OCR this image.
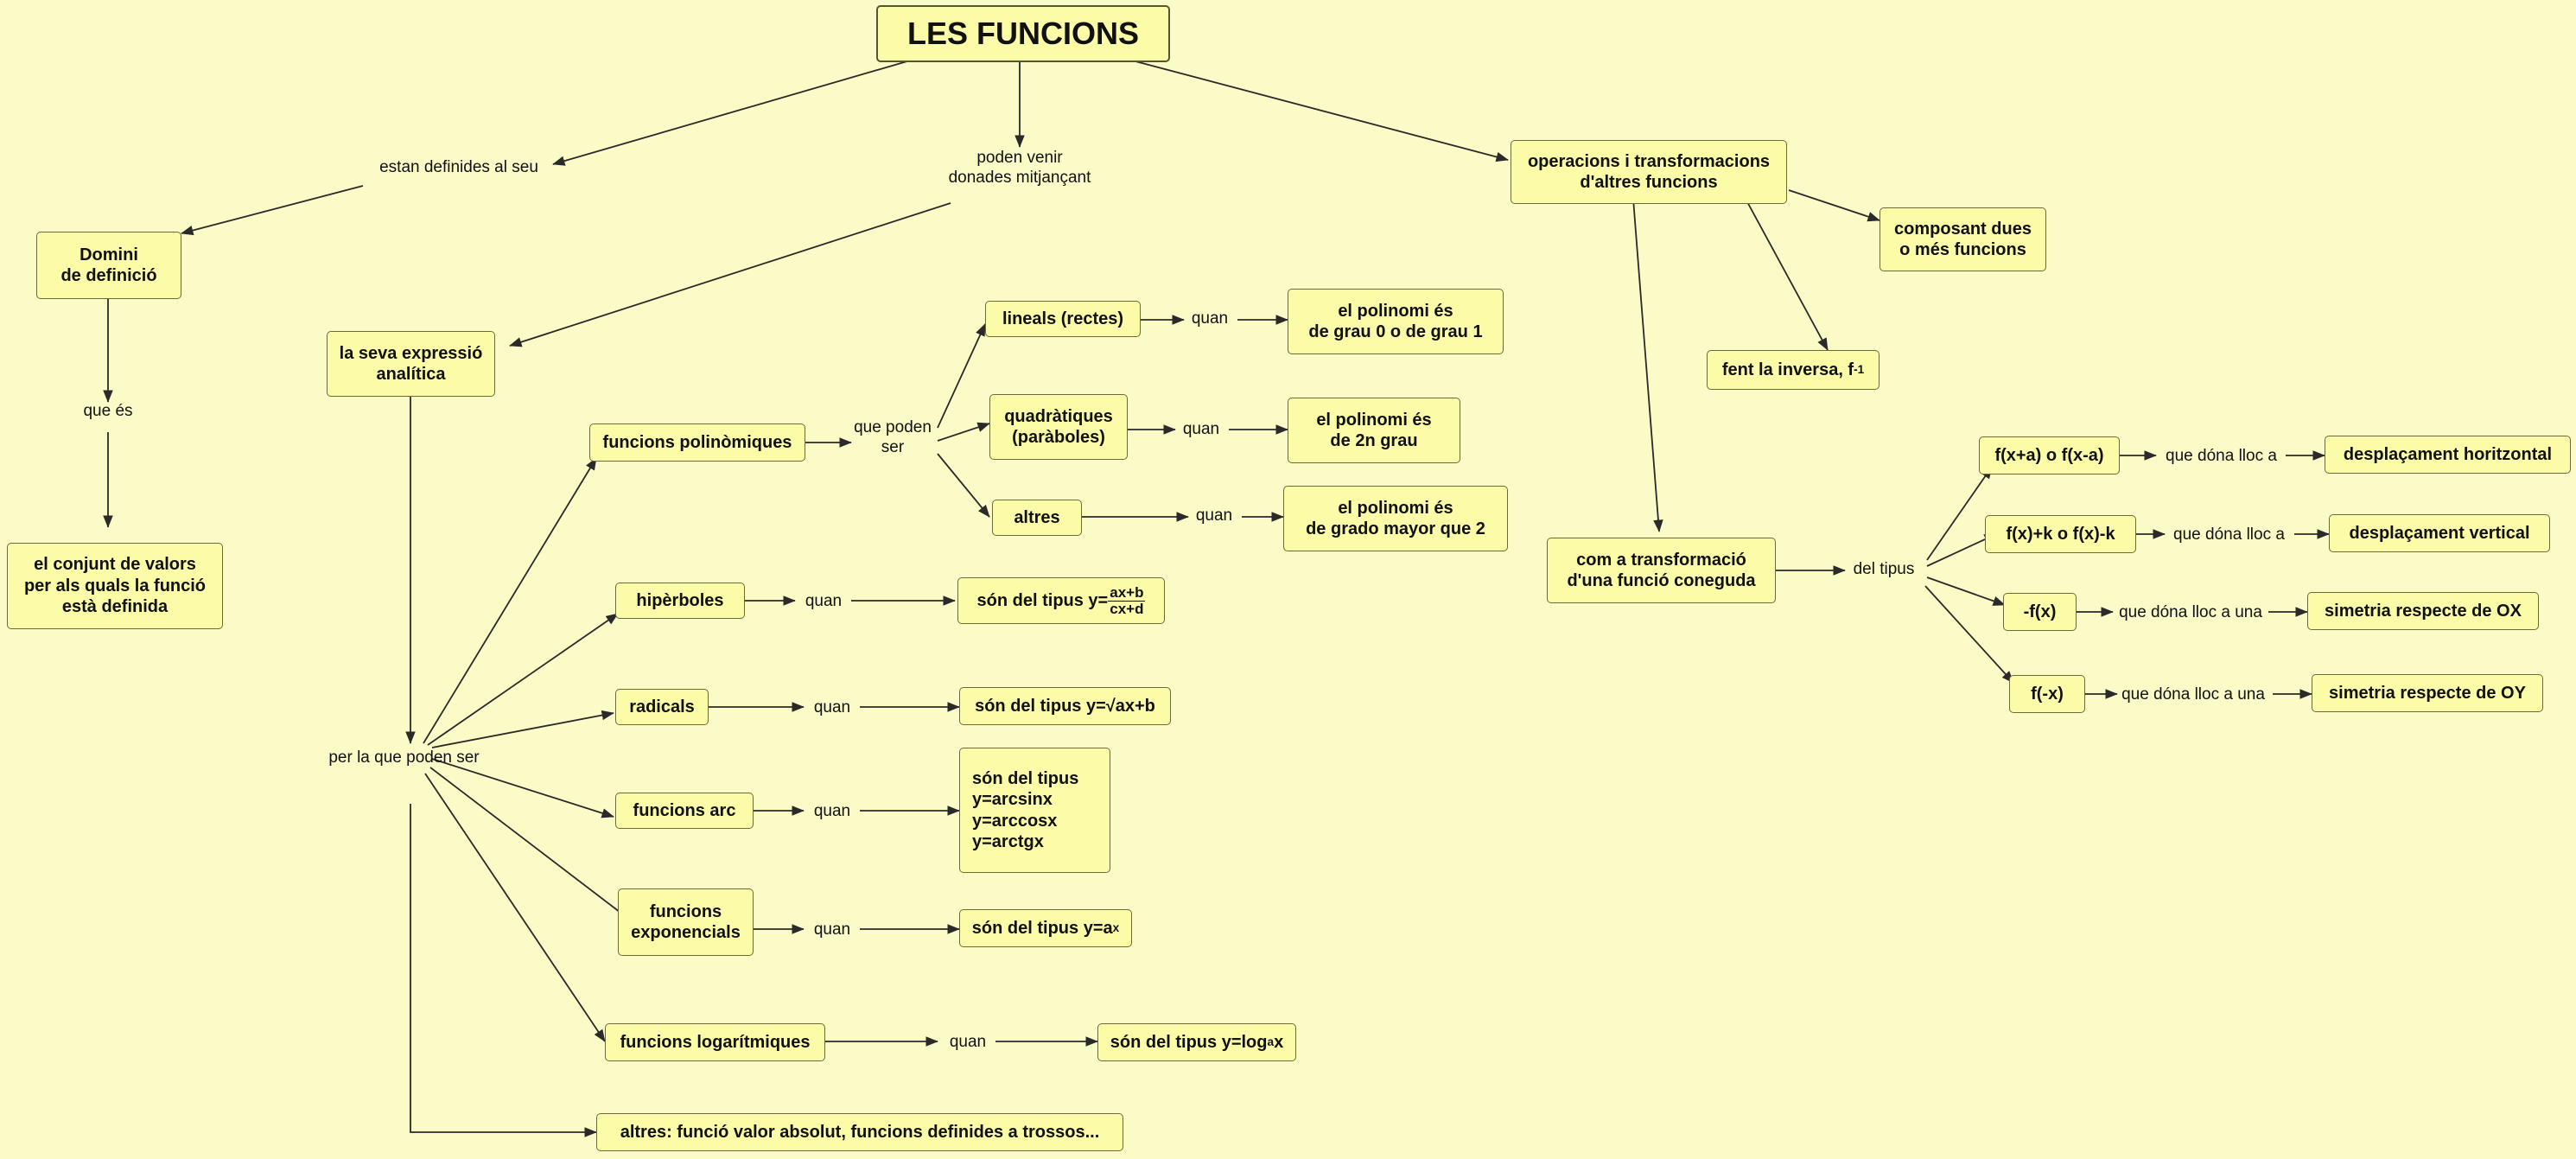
LES FUNCIONS
estan definides al seu
Domini
de definició
que és
el conjunt de valors
per als quals la funció
està definida
poden venir
donades mitjançant
la seva expressió
analítica
per la que poden ser
funcions polinòmiques
que poden
ser
lineals (rectes)	quan	el polinomi és
de grau 0 o de grau 1
quadràtiques
(paràboles)	quan	el polinomi és
de 2n grau
altres	quan	el polinomi és
de grado mayor que 2
hipèrboles	quan	són del tipus $y= \frac{ax+b}{cx+d}$
radicals	quan	són del tipus y=√ax+b
funcions arc	quan
són del tipus
y=arcsinx
y=arccosx
y=arctgx
funcions
exponencials	quan	són del tipus y=a x
funcions logarítmiques	quan	són del tipus y=log a x
altres: funció valor absolut, funcions definides a trossos...
operacions i transformacions
d'altres funcions
composant dues
o més funcions
fent la inversa, f -1
com a transformació
d'una funció coneguda
del tipus
f(x+a) o f(x-a)	que dóna lloc a	desplaçament horitzontal
f(x)+k o f(x)-k	que dóna lloc a	desplaçament vertical
-f(x)	que dóna lloc a una	simetria respecte de OX
f(-x)	que dóna lloc a una	simetria respecte de OY
